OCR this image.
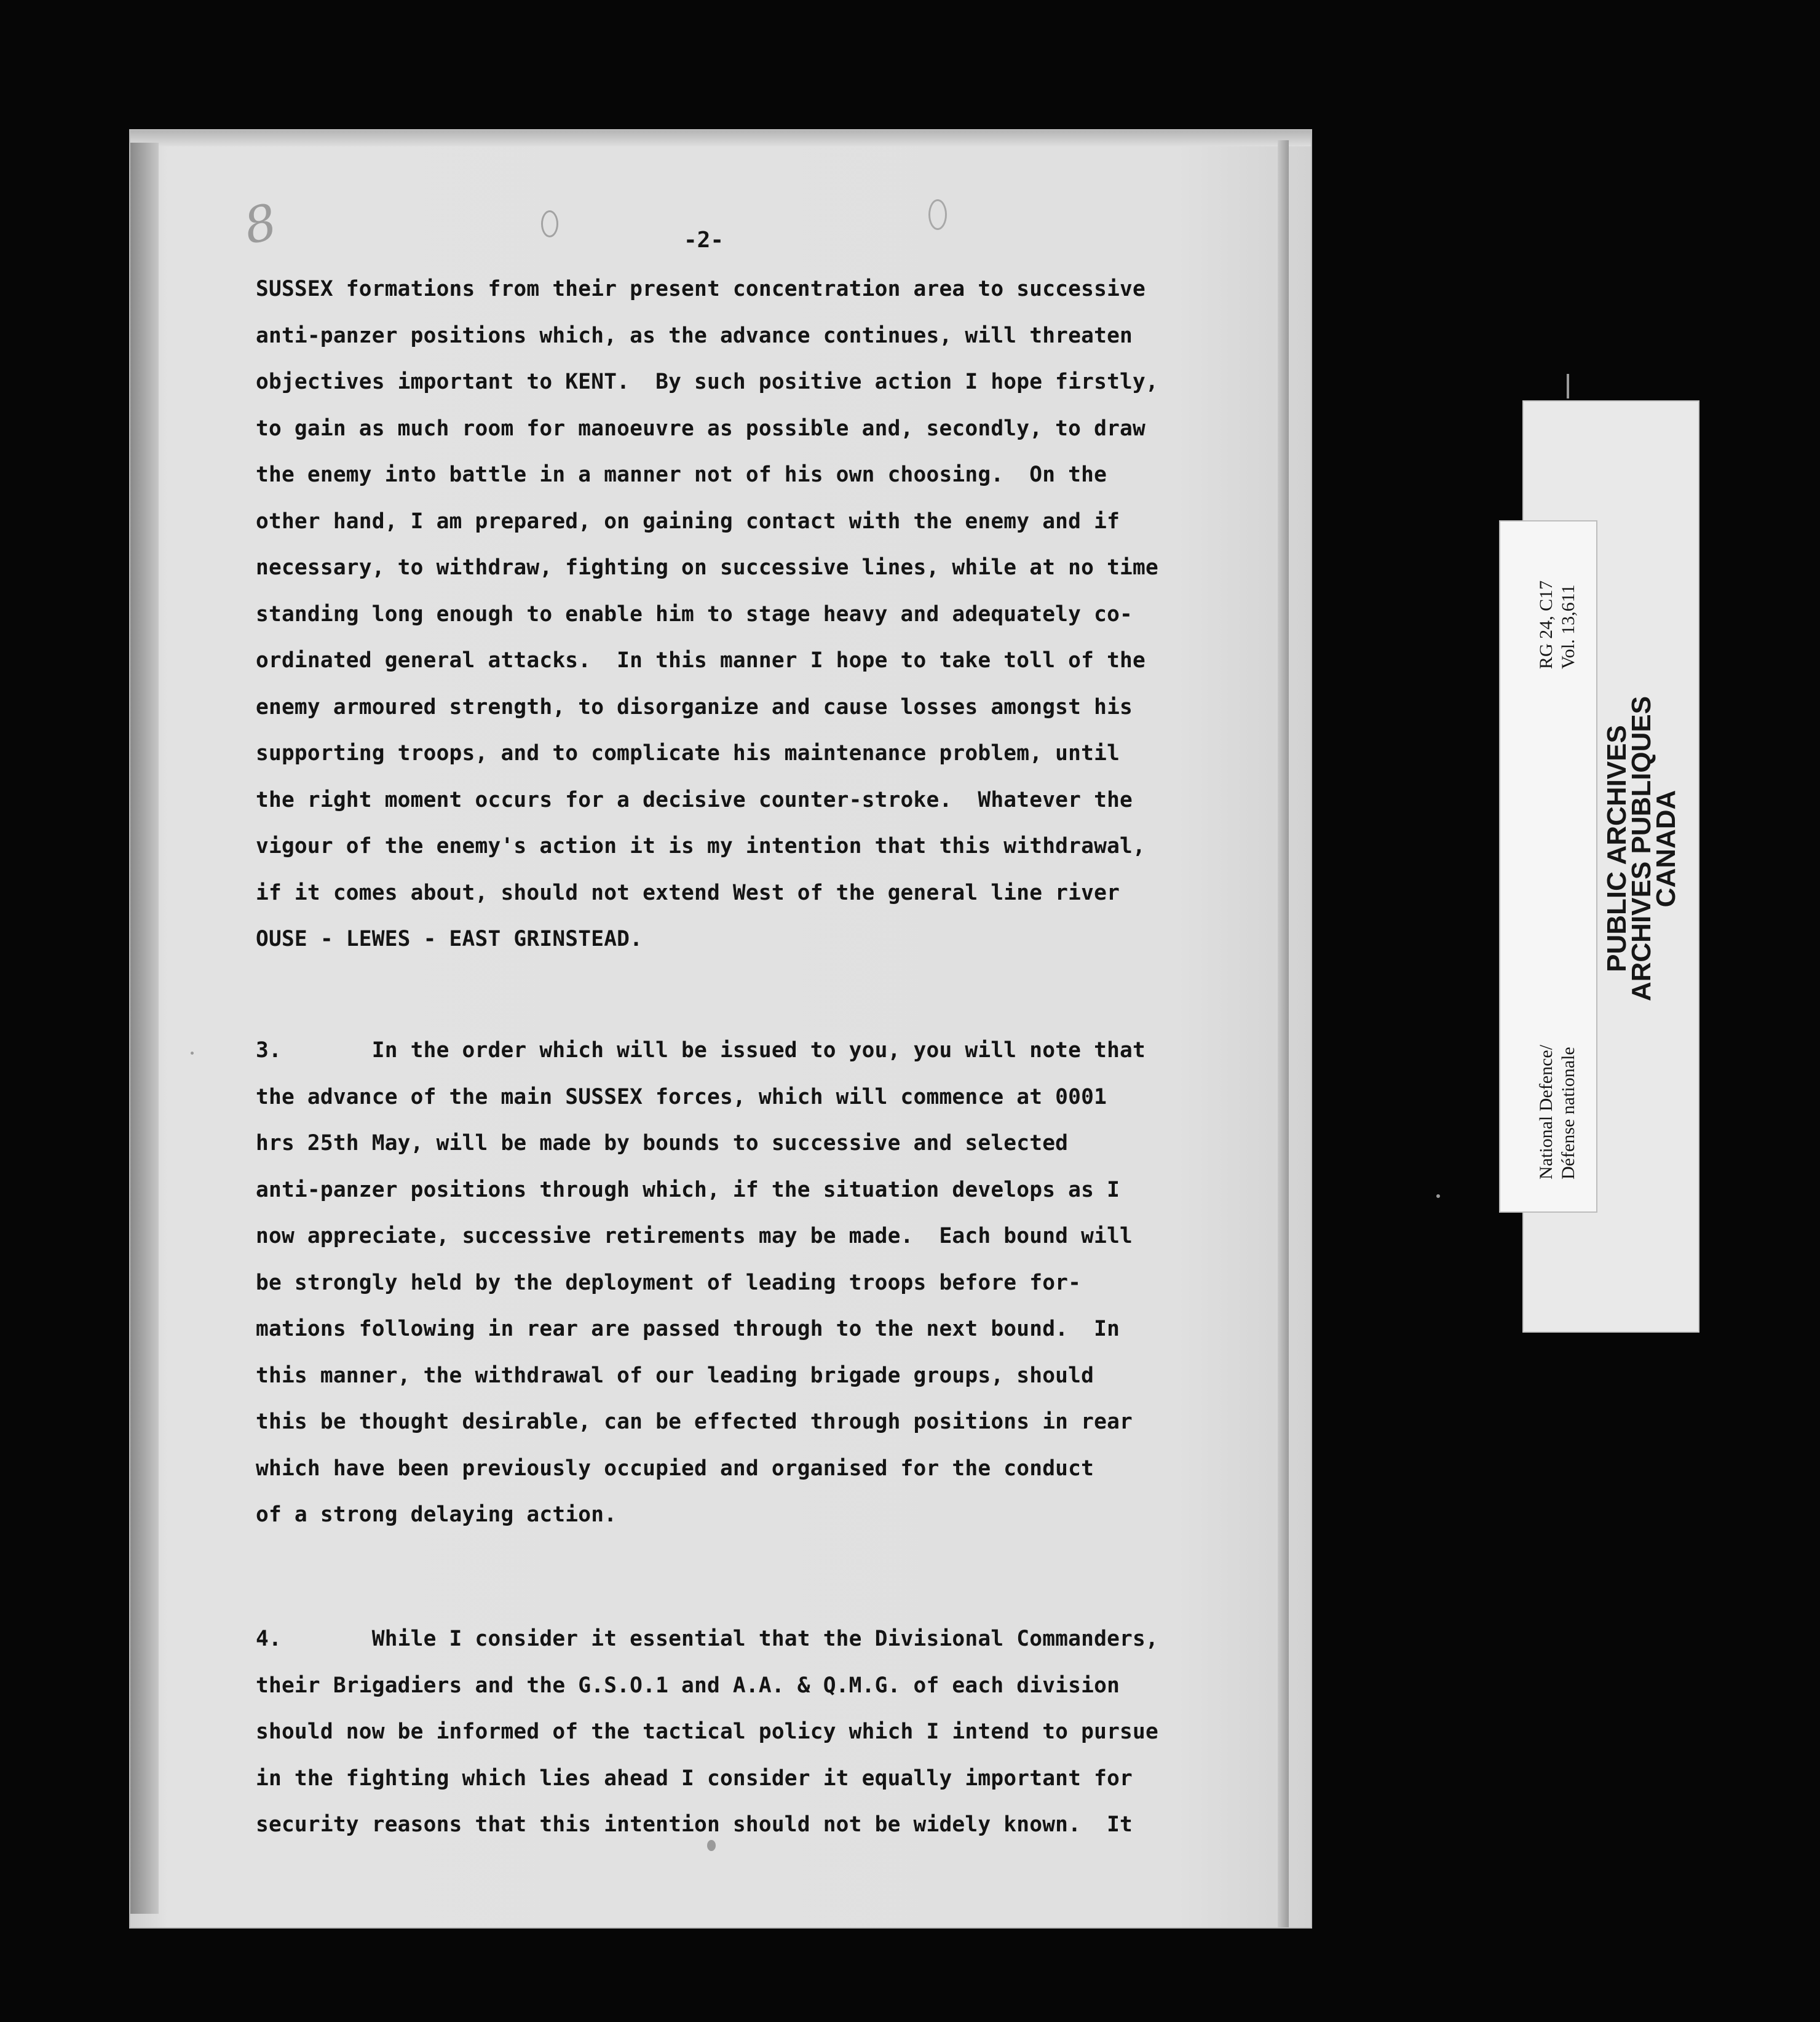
8	-2-
SUSSEX formations from their present concentration area to successive
anti-panzer positions which, as the advance continues, will threaten
objectives important to KENT.  By such positive action I hope firstly,
to gain as much room for manoeuvre as possible and, secondly, to draw
the enemy into battle in a manner not of his own choosing.  On the
other hand, I am prepared, on gaining contact with the enemy and if
necessary, to withdraw, fighting on successive lines, while at no time
standing long enough to enable him to stage heavy and adequately co-
ordinated general attacks.  In this manner I hope to take toll of the
enemy armoured strength, to disorganize and cause losses amongst his
supporting troops, and to complicate his maintenance problem, until
the right moment occurs for a decisive counter-stroke.  Whatever the
vigour of the enemy's action it is my intention that this withdrawal,
if it comes about, should not extend West of the general line river
OUSE - LEWES - EAST GRINSTEAD.
3.       In the order which will be issued to you, you will note that
the advance of the main SUSSEX forces, which will commence at 0001
hrs 25th May, will be made by bounds to successive and selected
anti-panzer positions through which, if the situation develops as I
now appreciate, successive retirements may be made.  Each bound will
be strongly held by the deployment of leading troops before for-
mations following in rear are passed through to the next bound.  In
this manner, the withdrawal of our leading brigade groups, should
this be thought desirable, can be effected through positions in rear
which have been previously occupied and organised for the conduct
of a strong delaying action.
4.       While I consider it essential that the Divisional Commanders,
their Brigadiers and the G.S.O.1 and A.A. & Q.M.G. of each division
should now be informed of the tactical policy which I intend to pursue
in the fighting which lies ahead I consider it equally important for
security reasons that this intention should not be widely known.  It
RG 24, C17 Vol. 13,611
National Defence/ Défense nationale
PUBLIC ARCHIVES
ARCHIVES PUBLIQUES
CANADA
